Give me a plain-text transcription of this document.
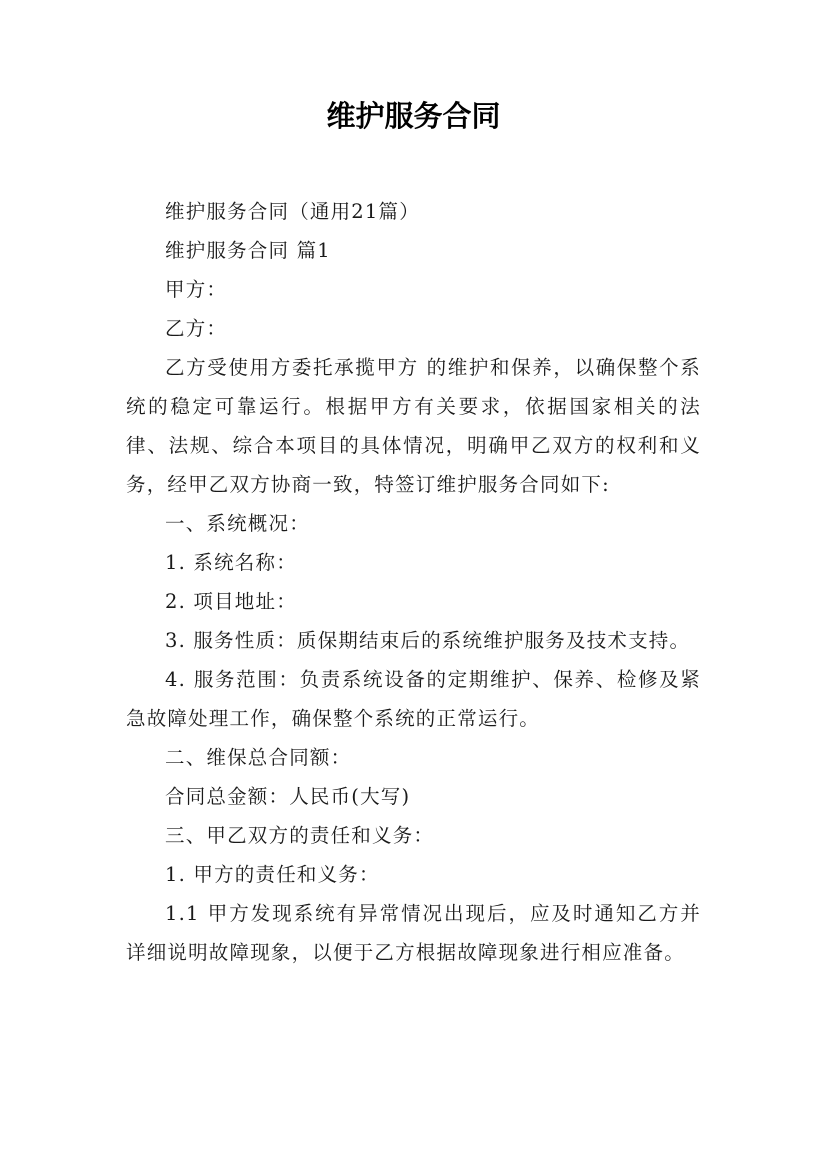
维护服务合同

维护服务合同（通用21篇）

维护服务合同 篇1

甲方：

乙方：

乙方受使用方委托承揽甲方 的维护和保养，以确保整个系统的稳定可靠运行。根据甲方有关要求，依据国家相关的法律、法规、综合本项目的具体情况，明确甲乙双方的权利和义务，经甲乙双方协商一致，特签订维护服务合同如下:

一、系统概况：

1. 系统名称：

2. 项目地址：

3. 服务性质：质保期结束后的系统维护服务及技术支持。

4. 服务范围：负责系统设备的定期维护、保养、检修及紧急故障处理工作，确保整个系统的正常运行。

二、维保总合同额：

合同总金额：人民币(大写)

三、甲乙双方的责任和义务：

1. 甲方的责任和义务：

1.1 甲方发现系统有异常情况出现后，应及时通知乙方并详细说明故障现象，以便于乙方根据故障现象进行相应准备。
